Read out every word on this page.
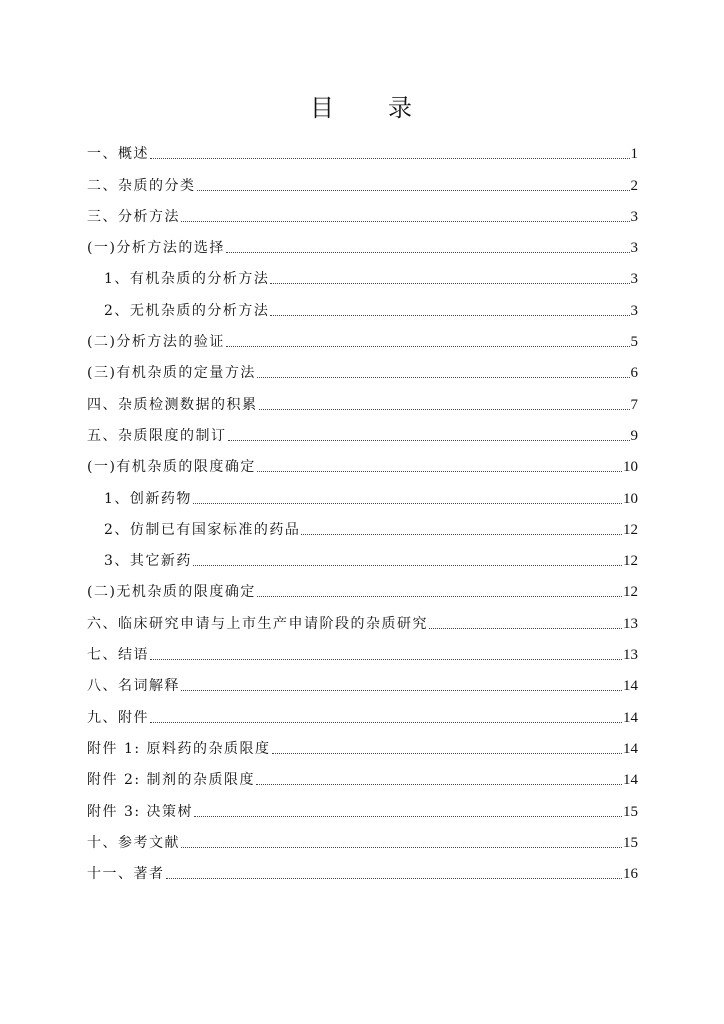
目 录
一、概述	1
二、杂质的分类	2
三、分析方法	3
(一)分析方法的选择	3
1、有机杂质的分析方法	3
2、无机杂质的分析方法	3
(二)分析方法的验证	5
(三)有机杂质的定量方法	6
四、杂质检测数据的积累	7
五、杂质限度的制订	9
(一)有机杂质的限度确定	10
1、创新药物	10
2、仿制已有国家标准的药品	12
3、其它新药	12
(二)无机杂质的限度确定	12
六、临床研究申请与上市生产申请阶段的杂质研究	13
七、结语	13
八、名词解释	14
九、附件	14
附件 1: 原料药的杂质限度	14
附件 2: 制剂的杂质限度	14
附件 3: 决策树	15
十、参考文献	15
十一、著者	16
